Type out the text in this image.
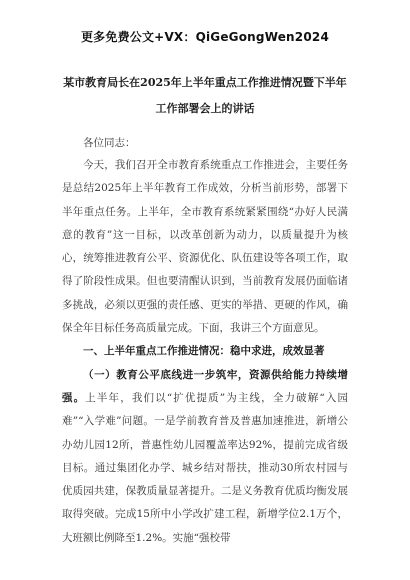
更多免费公文+VX：QiGeGongWen2024
某市教育局长在2025年上半年重点工作推进情况暨下半年
工作部署会上的讲话

各位同志：

今天，我们召开全市教育系统重点工作推进会，主要任务是总结2025年上半年教育工作成效，分析当前形势，部署下半年重点任务。上半年，全市教育系统紧紧围绕“办好人民满意的教育”这一目标，以改革创新为动力，以质量提升为核心，统筹推进教育公平、资源优化、队伍建设等各项工作，取得了阶段性成果。但也要清醒认识到，当前教育发展仍面临诸多挑战，必须以更强的责任感、更实的举措、更硬的作风，确保全年目标任务高质量完成。下面，我讲三个方面意见。

一、上半年重点工作推进情况：稳中求进，成效显著

（一）教育公平底线进一步筑牢，资源供给能力持续增强。上半年，我们以“扩优提质”为主线，全力破解“入园难”“入学难”问题。一是学前教育普及普惠加速推进，新增公办幼儿园12所，普惠性幼儿园覆盖率达92%，提前完成省级目标。通过集团化办学、城乡结对帮扶，推动30所农村园与优质园共建，保教质量显著提升。二是义务教育优质均衡发展取得突破。完成15所中小学改扩建工程，新增学位2.1万个，大班额比例降至1.2%。实施“强校带
